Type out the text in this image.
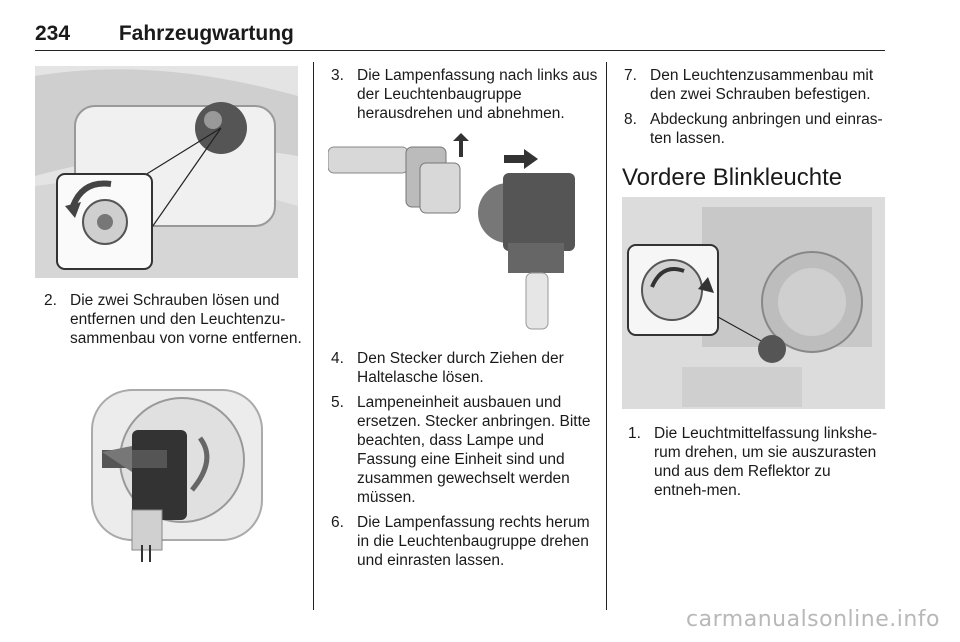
234 Fahrzeugwartung
2. Die zwei Schrauben lösen und entfernen und den Leuchtenzu-sammenbau von vorne entfernen.
3. Die Lampenfassung nach links aus der Leuchtenbaugruppe herausdrehen und abnehmen.
4. Den Stecker durch Ziehen der Haltelasche lösen.
5. Lampeneinheit ausbauen und ersetzen. Stecker anbringen. Bitte beachten, dass Lampe und Fassung eine Einheit sind und zusammen gewechselt werden müssen.
6. Die Lampenfassung rechts herum in die Leuchtenbaugruppe drehen und einrasten lassen.
7. Den Leuchtenzusammenbau mit den zwei Schrauben befestigen.
8. Abdeckung anbringen und einras-ten lassen.
Vordere Blinkleuchte
1. Die Leuchtmittelfassung linkshe-rum drehen, um sie auszurasten und aus dem Reflektor zu entneh-men.
carmanualsonline.info
